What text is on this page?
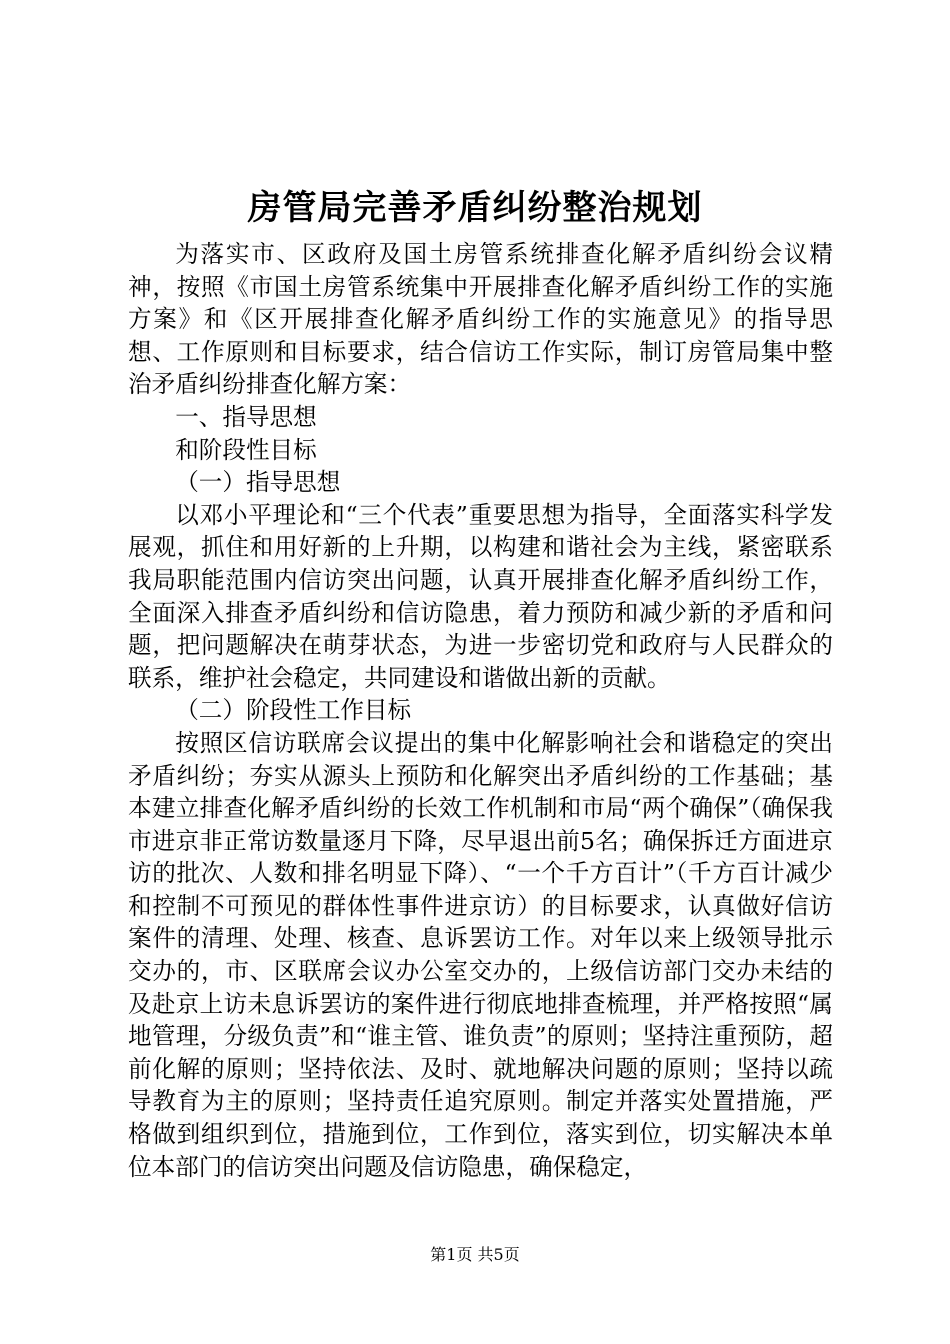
房管局完善矛盾纠纷整治规划

为落实市、区政府及国土房管系统排查化解矛盾纠纷会议精神，按照《市国土房管系统集中开展排查化解矛盾纠纷工作的实施方案》和《区开展排查化解矛盾纠纷工作的实施意见》的指导思想、工作原则和目标要求，结合信访工作实际，制订房管局集中整治矛盾纠纷排查化解方案：

一、指导思想

和阶段性目标

（一）指导思想

以邓小平理论和“三个代表”重要思想为指导，全面落实科学发展观，抓住和用好新的上升期，以构建和谐社会为主线，紧密联系我局职能范围内信访突出问题，认真开展排查化解矛盾纠纷工作，全面深入排查矛盾纠纷和信访隐患，着力预防和减少新的矛盾和问题，把问题解决在萌芽状态，为进一步密切党和政府与人民群众的联系，维护社会稳定，共同建设和谐做出新的贡献。

（二）阶段性工作目标

按照区信访联席会议提出的集中化解影响社会和谐稳定的突出矛盾纠纷；夯实从源头上预防和化解突出矛盾纠纷的工作基础；基本建立排查化解矛盾纠纷的长效工作机制和市局“两个确保”（确保我市进京非正常访数量逐月下降，尽早退出前5名；确保拆迁方面进京访的批次、人数和排名明显下降）、“一个千方百计”（千方百计减少和控制不可预见的群体性事件进京访）的目标要求，认真做好信访案件的清理、处理、核查、息诉罢访工作。对年以来上级领导批示交办的，市、区联席会议办公室交办的，上级信访部门交办未结的及赴京上访未息诉罢访的案件进行彻底地排查梳理，并严格按照“属地管理，分级负责”和“谁主管、谁负责”的原则；坚持注重预防，超前化解的原则；坚持依法、及时、就地解决问题的原则；坚持以疏导教育为主的原则；坚持责任追究原则。制定并落实处置措施，严格做到组织到位，措施到位，工作到位，落实到位，切实解决本单位本部门的信访突出问题及信访隐患，确保稳定，

第1页 共5页
